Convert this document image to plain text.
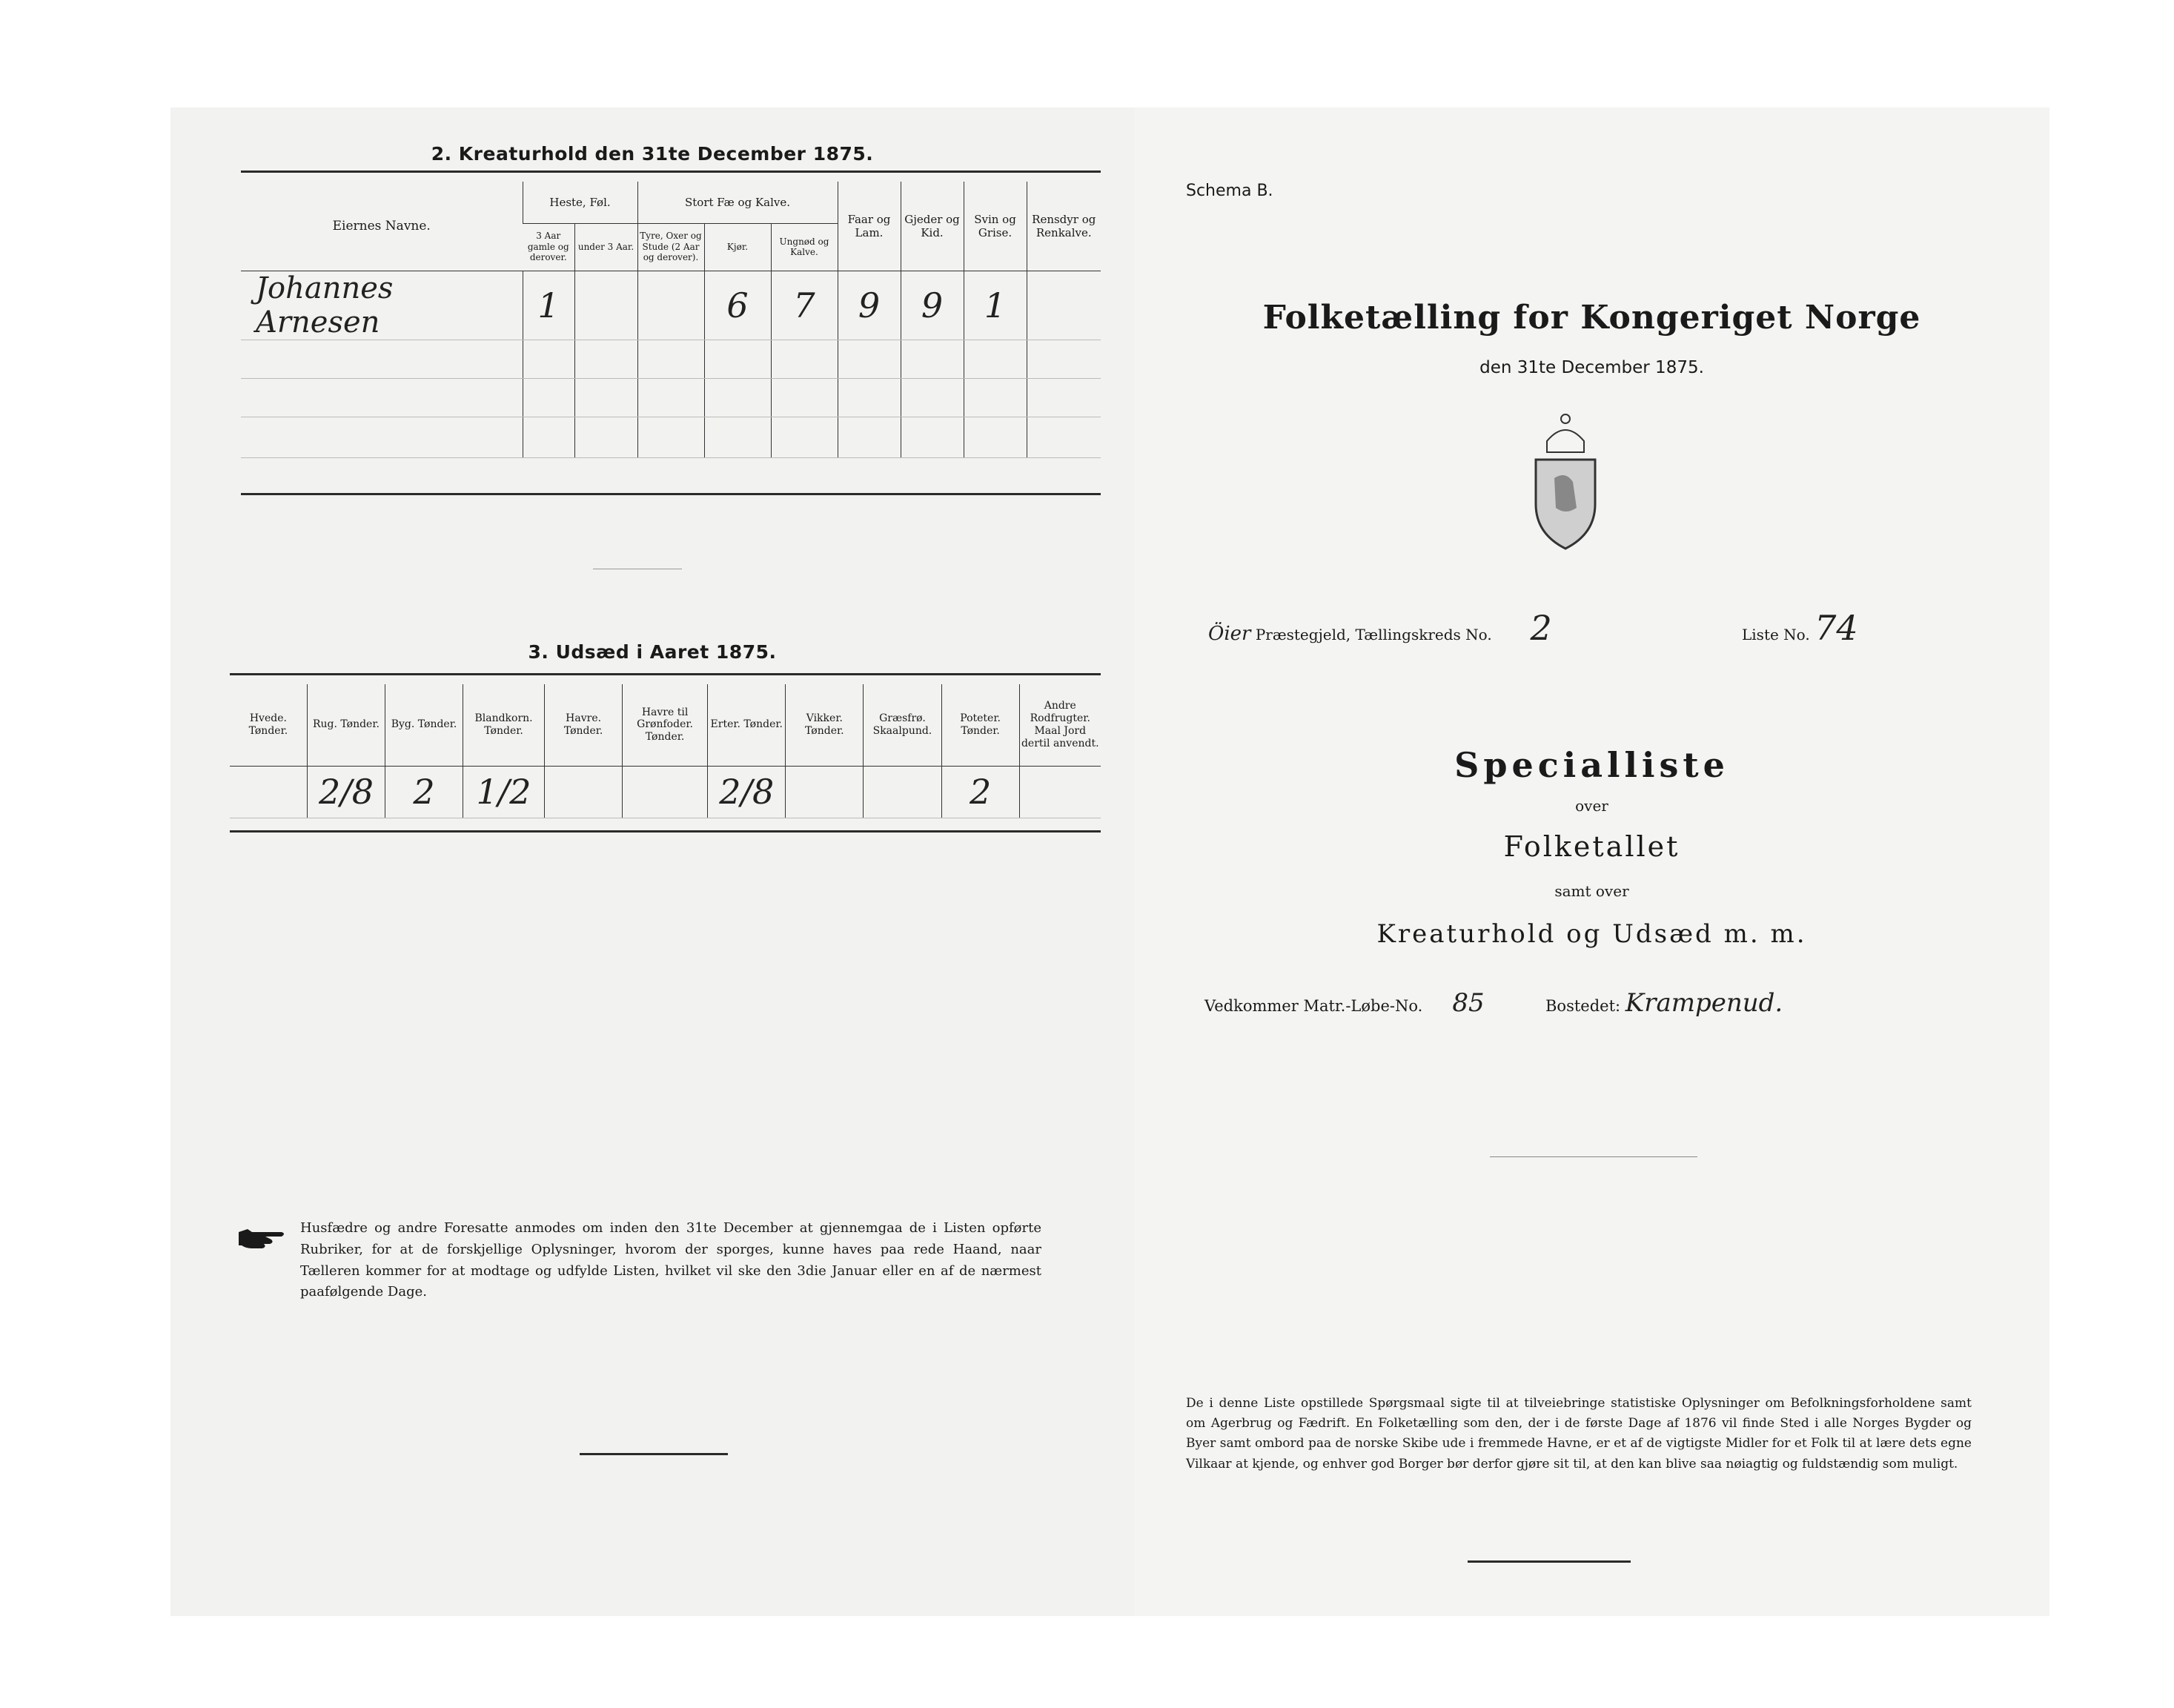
2. Kreaturhold den 31te December 1875.
Eiernes Navne.	Heste, Føl.		Stort Fæ og Kalve.			Faar og Lam.	Gjeder og Kid.	Svin og Grise.	Rensdyr og Renkalve.
	3 Aar gamle og derover.	under 3 Aar.	Tyre, Oxer og Stude (2 Aar og derover).	Kjør.	Ungnød og Kalve.				
Johannes Arnesen	1			6	7	9	9	1	

3. Udsæd i Aaret 1875.
Hvede. Tønder.	Rug. Tønder.	Byg. Tønder.	Blandkorn. Tønder.	Havre. Tønder.	Havre til Grønfoder. Tønder.	Erter. Tønder.	Vikker. Tønder.	Græsfrø. Skaalpund.	Poteter. Tønder.	Andre Rodfrugter. Maal Jord dertil anvendt.
	2/8	2	1/2			2/8			2	
Husfædre og andre Foresatte anmodes om inden den 31te December at gjennemgaa de i Listen opførte Rubriker, for at de forskjellige Oplysninger, hvorom der sporges, kunne haves paa rede Haand, naar Tælleren kommer for at modtage og udfylde Listen, hvilket vil ske den 3die Januar eller en af de nærmest paafølgende Dage.
Schema B.
Folketælling for Kongeriget Norge
den 31te December 1875.
Öier Præstegjeld, Tællingskreds No. 2	Liste No. 74
Specialliste
over
Folketallet
samt over
Kreaturhold og Udsæd m. m.
Vedkommer Matr.-Løbe-No. 85	Bostedet: Krampenud.
De i denne Liste opstillede Spørgsmaal sigte til at tilveiebringe statistiske Oplysninger om Befolkningsforholdene samt om Agerbrug og Fædrift. En Folketælling som den, der i de første Dage af 1876 vil finde Sted i alle Norges Bygder og Byer samt ombord paa de norske Skibe ude i fremmede Havne, er et af de vigtigste Midler for et Folk til at lære dets egne Vilkaar at kjende, og enhver god Borger bør derfor gjøre sit til, at den kan blive saa nøiagtig og fuldstændig som muligt.
